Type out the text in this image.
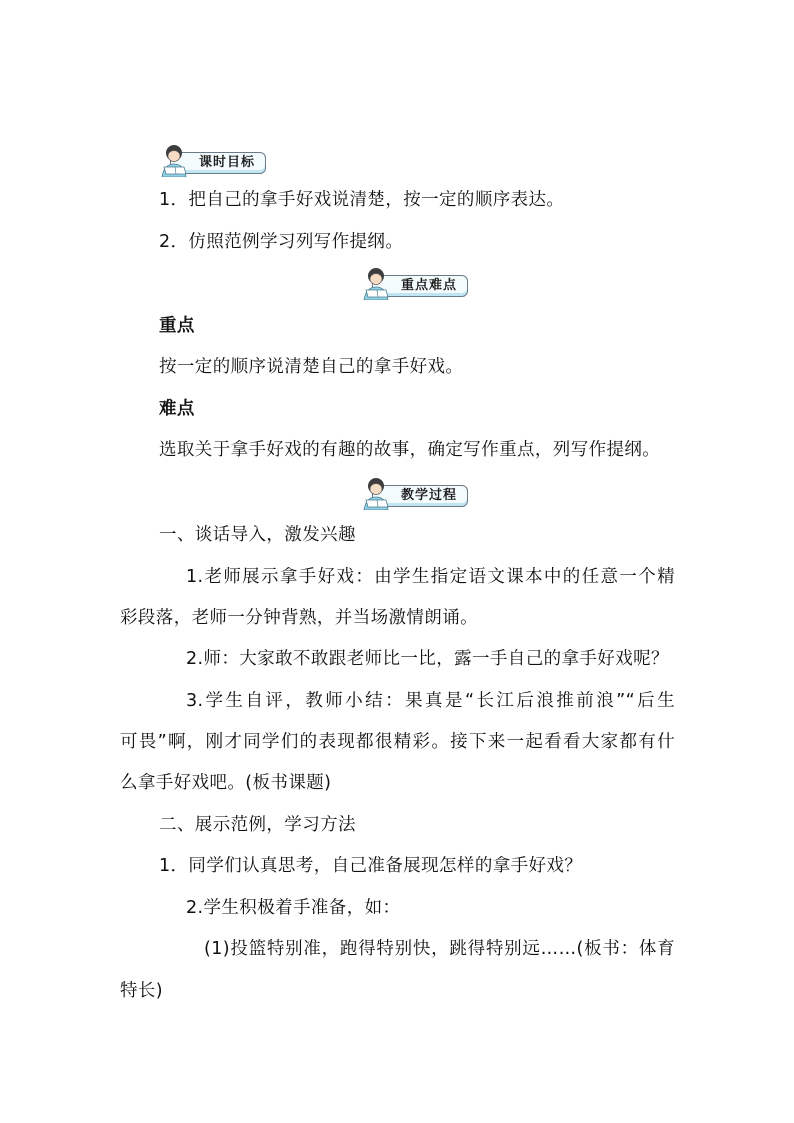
课时目标
1．把自己的拿手好戏说清楚，按一定的顺序表达。
2．仿照范例学习列写作提纲。
重点难点
重点
按一定的顺序说清楚自己的拿手好戏。
难点
选取关于拿手好戏的有趣的故事，确定写作重点，列写作提纲。
教学过程
一、谈话导入，激发兴趣
1.老师展示拿手好戏：由学生指定语文课本中的任意一个精
彩段落，老师一分钟背熟，并当场激情朗诵。
2.师：大家敢不敢跟老师比一比，露一手自己的拿手好戏呢？
3.学生自评，教师小结：果真是“长江后浪推前浪”“后生
可畏”啊，刚才同学们的表现都很精彩。接下来一起看看大家都有什
么拿手好戏吧。(板书课题)
二、展示范例，学习方法
1．同学们认真思考，自己准备展现怎样的拿手好戏？
2.学生积极着手准备，如：
(1)投篮特别准，跑得特别快，跳得特别远……(板书：体育
特长)
